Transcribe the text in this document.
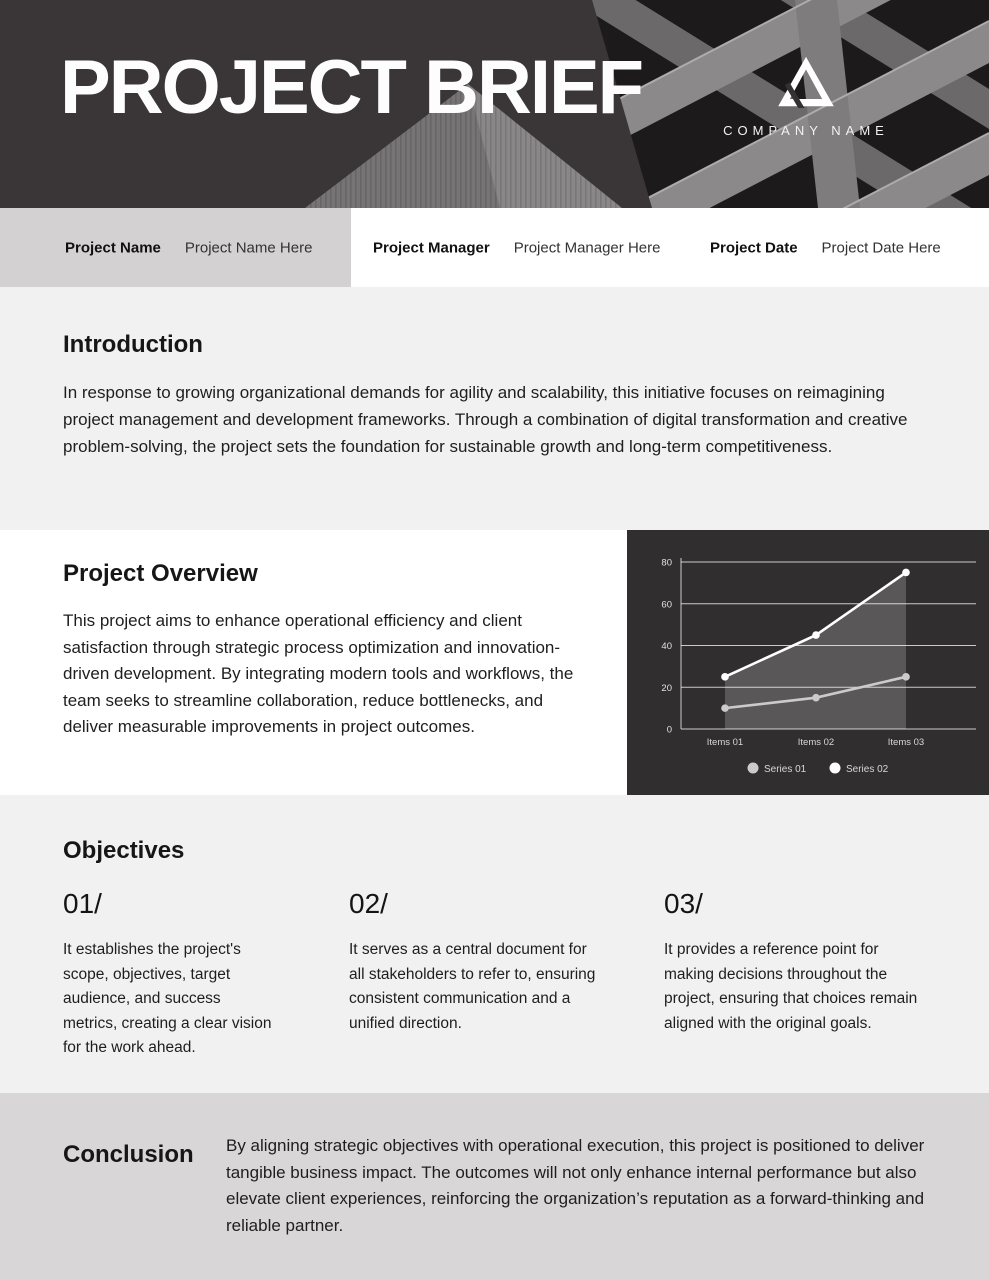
PROJECT BRIEF
COMPANY NAME
Project Name Project Name Here	Project Manager Project Manager Here	Project Date Project Date Here
Introduction

In response to growing organizational demands for agility and scalability, this initiative focuses on reimagining project management and development frameworks. Through a combination of digital transformation and creative problem-solving, the project sets the foundation for sustainable growth and long-term competitiveness.

Project Overview

This project aims to enhance operational efficiency and client satisfaction through strategic process optimization and innovation-driven development. By integrating modern tools and workflows, the team seeks to streamline collaboration, reduce bottlenecks, and deliver measurable improvements in project outcomes.	0
20
40
60
80
Items 01	Items 02	Items 03
Series 01	Series 02
Objectives
01/
It establishes the project's scope, objectives, target audience, and success metrics, creating a clear vision for the work ahead.
02/
It serves as a central document for all stakeholders to refer to, ensuring consistent communication and a unified direction.
03/
It provides a reference point for making decisions throughout the project, ensuring that choices remain aligned with the original goals.
Conclusion	By aligning strategic objectives with operational execution, this project is positioned to deliver tangible business impact. The outcomes will not only enhance internal performance but also elevate client experiences, reinforcing the organization’s reputation as a forward-thinking and reliable partner.
